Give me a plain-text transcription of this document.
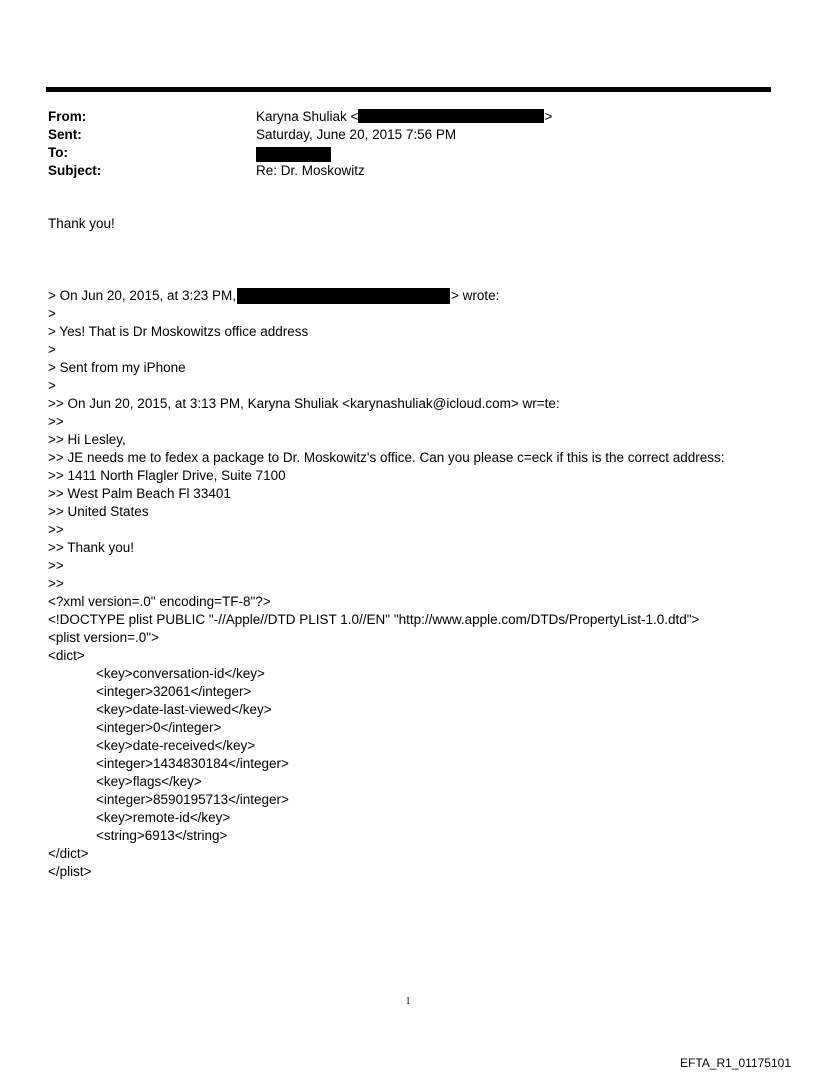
From:	Karyna Shuliak <	>
Sent:	Saturday, June 20, 2015 7:56 PM
To:
Subject:	Re: Dr. Moskowitz
Thank you!
> On Jun 20, 2015, at 3:23 PM,	> wrote:
>
> Yes! That is Dr Moskowitzs office address
>
> Sent from my iPhone
>
>> On Jun 20, 2015, at 3:13 PM, Karyna Shuliak <karynashuliak@icloud.com> wr=te:
>>
>> Hi Lesley,
>> JE needs me to fedex a package to Dr. Moskowitz's office. Can you please c=eck if this is the correct address:
>> 1411 North Flagler Drive, Suite 7100
>> West Palm Beach Fl 33401
>> United States
>>
>> Thank you!
>>
>>
<?xml version=.0" encoding=TF-8"?>
<!DOCTYPE plist PUBLIC "-//Apple//DTD PLIST 1.0//EN" "http://www.apple.com/DTDs/PropertyList-1.0.dtd">
<plist version=.0">
<dict>
<key>conversation-id</key>
<integer>32061</integer>
<key>date-last-viewed</key>
<integer>0</integer>
<key>date-received</key>
<integer>1434830184</integer>
<key>flags</key>
<integer>8590195713</integer>
<key>remote-id</key>
<string>6913</string>
</dict>
</plist>
1
EFTA_R1_01175101
